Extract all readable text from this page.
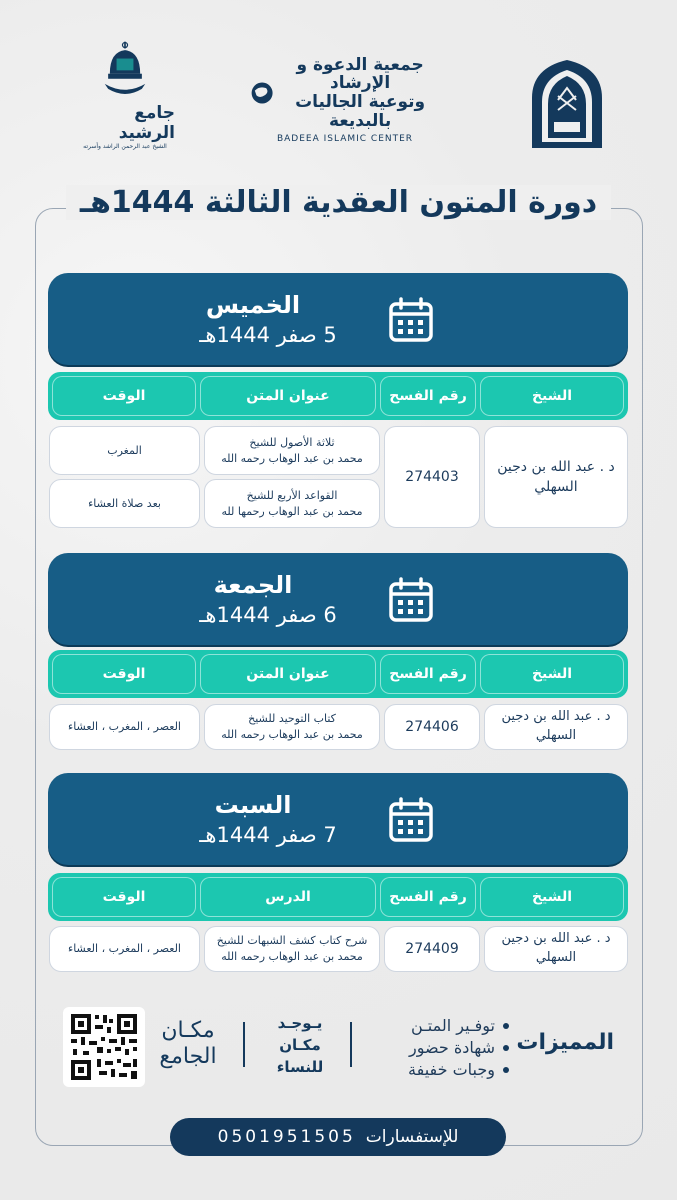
جمعية الدعوة و الإرشاد
وتوعية الجاليات بالبديعة
BADEEA ISLAMIC CENTER
جامع الرشيد
الشيخ عبد الرحمن الراشد وأسرته
دورة المتون العقدية الثالثة 1444هـ
الخميس
5 صفر 1444هـ
الشيخ
رقم الفسح
عنوان المتن
الوقت
د . عبد الله بن دجين السهلي
274403
ثلاثة الأصول للشيخ
محمد بن عبد الوهاب رحمه الله
المغرب
القواعد الأربع للشيخ
محمد بن عبد الوهاب رحمها لله
بعد صلاة العشاء
الجمعة
6 صفر 1444هـ
الشيخ
رقم الفسح
عنوان المتن
الوقت
د . عبد الله بن دجين السهلي
274406
كتاب التوحيد للشيخ
محمد بن عبد الوهاب رحمه الله
العصر ، المغرب ، العشاء
السبت
7 صفر 1444هـ
الشيخ
رقم الفسح
الدرس
الوقت
د . عبد الله بن دجين السهلي
274409
شرح كتاب كشف الشبهات للشيخ
محمد بن عبد الوهاب رحمه الله
العصر ، المغرب ، العشاء
المميزات
توفـير المتـن
شهادة حضور
وجبات خفيفة
يـوجـد
مكـان
للنساء
مكـان
الجامع
للإستفسارات
0501951505
